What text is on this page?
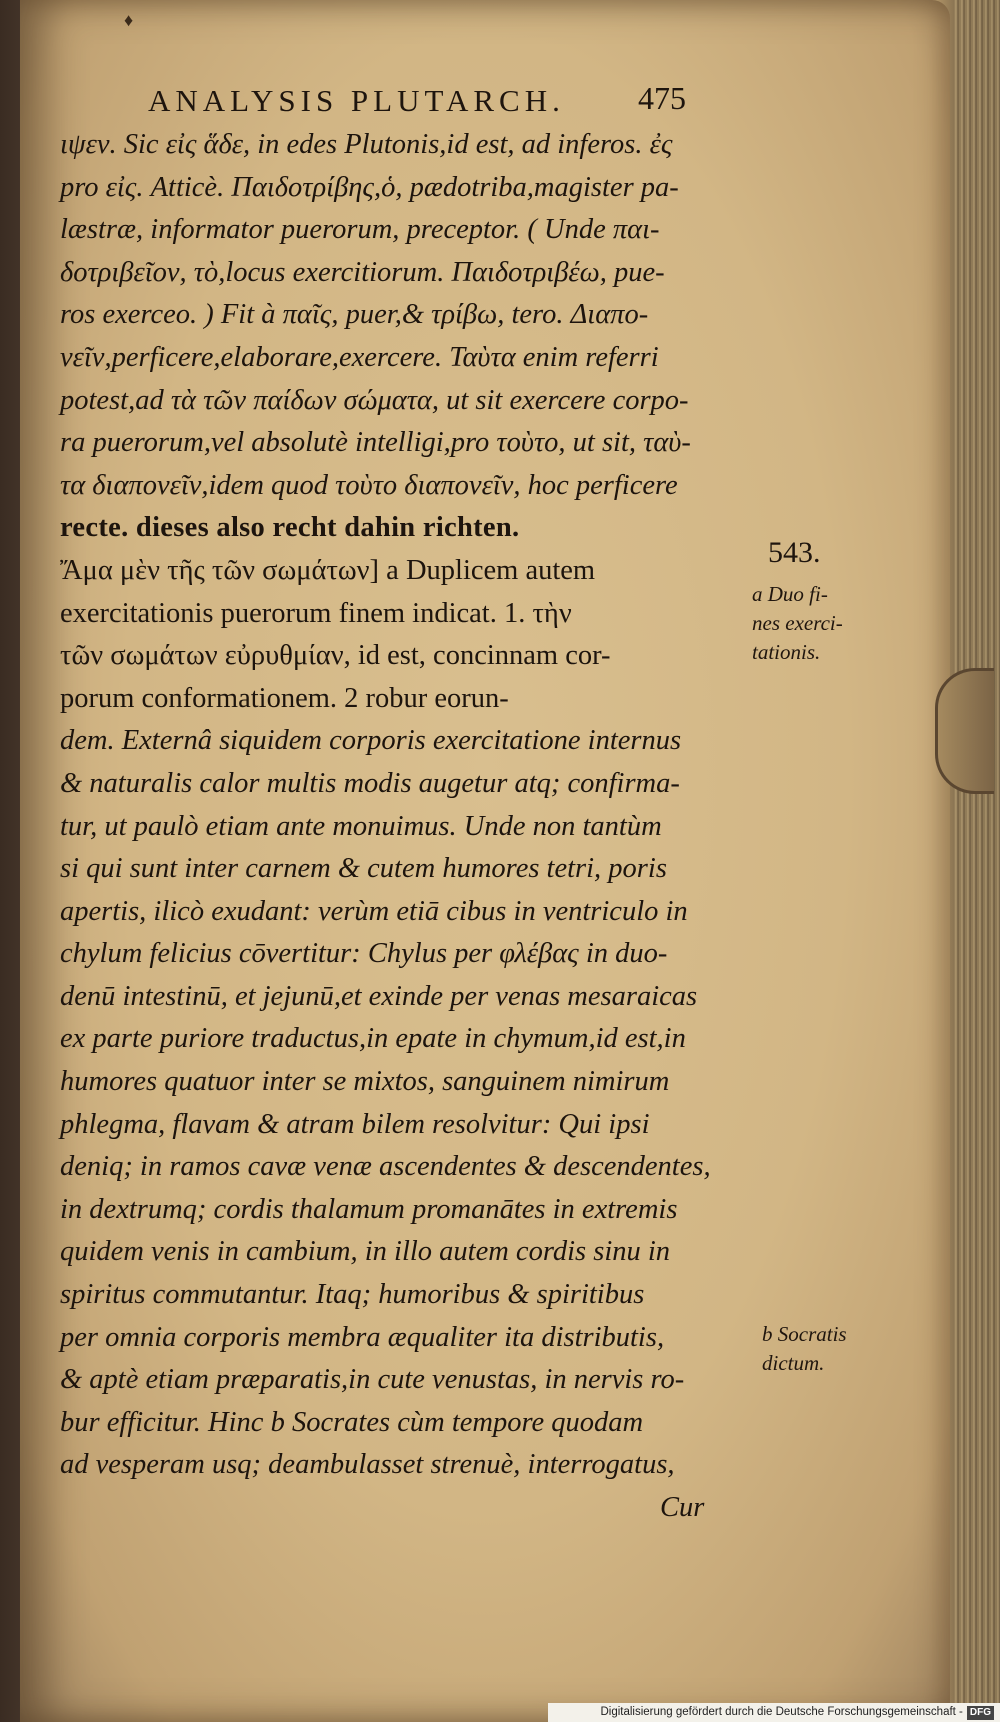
♦
ANALYSIS PLUTARCH. 475
ιψεν. Sic εἰς ἅδε, in edes Plutonis,id est, ad inferos. ἐς
pro εἰς. Atticè. Παιδοτρίβης,ὁ, pædotriba,magister pa-
læstræ, informator puerorum, preceptor. ( Unde παι-
δοτριβεῖον, τὸ,locus exercitiorum. Παιδοτριβέω, pue-
ros exerceo. ) Fit à παῖς, puer,& τρίβω, tero. Διαπο-
νεῖν,perficere,elaborare,exercere. Ταὺτα enim referri
potest,ad τὰ τῶν παίδων σώματα, ut sit exercere corpo-
ra puerorum,vel absolutè intelligi,pro τοὺτο, ut sit, ταὺ-
τα διαπονεῖν,idem quod τοὺτο διαπονεῖν, hoc perficere
recte. dieses also recht dahin richten.
Ἄμα μὲν τῆς τῶν σωμάτων] a Duplicem autem
exercitationis puerorum finem indicat. 1. τὴν
τῶν σωμάτων εὐρυθμίαν, id est, concinnam cor-
porum conformationem. 2 robur eorun-
dem. Externâ siquidem corporis exercitatione internus
& naturalis calor multis modis augetur atq; confirma-
tur, ut paulò etiam ante monuimus. Unde non tantùm
si qui sunt inter carnem & cutem humores tetri, poris
apertis, ilicò exudant: verùm etiā cibus in ventriculo in
chylum felicius cōvertitur: Chylus per φλέβας in duo-
denū intestinū, et jejunū,et exinde per venas mesaraicas
ex parte puriore traductus,in epate in chymum,id est,in
humores quatuor inter se mixtos, sanguinem nimirum
phlegma, flavam & atram bilem resolvitur: Qui ipsi
deniq; in ramos cavæ venæ ascendentes & descendentes,
in dextrumq; cordis thalamum promanātes in extremis
quidem venis in cambium, in illo autem cordis sinu in
spiritus commutantur. Itaq; humoribus & spiritibus
per omnia corporis membra æqualiter ita distributis,
& aptè etiam præparatis,in cute venustas, in nervis ro-
bur efficitur. Hinc b Socrates cùm tempore quodam
ad vesperam usq; deambulasset strenuè, interrogatus,
Cur
543.
a Duo fi-
nes exerci-
tationis.
b Socratis
dictum.
Digitalisierung gefördert durch die Deutsche Forschungsgemeinschaft - DFG
